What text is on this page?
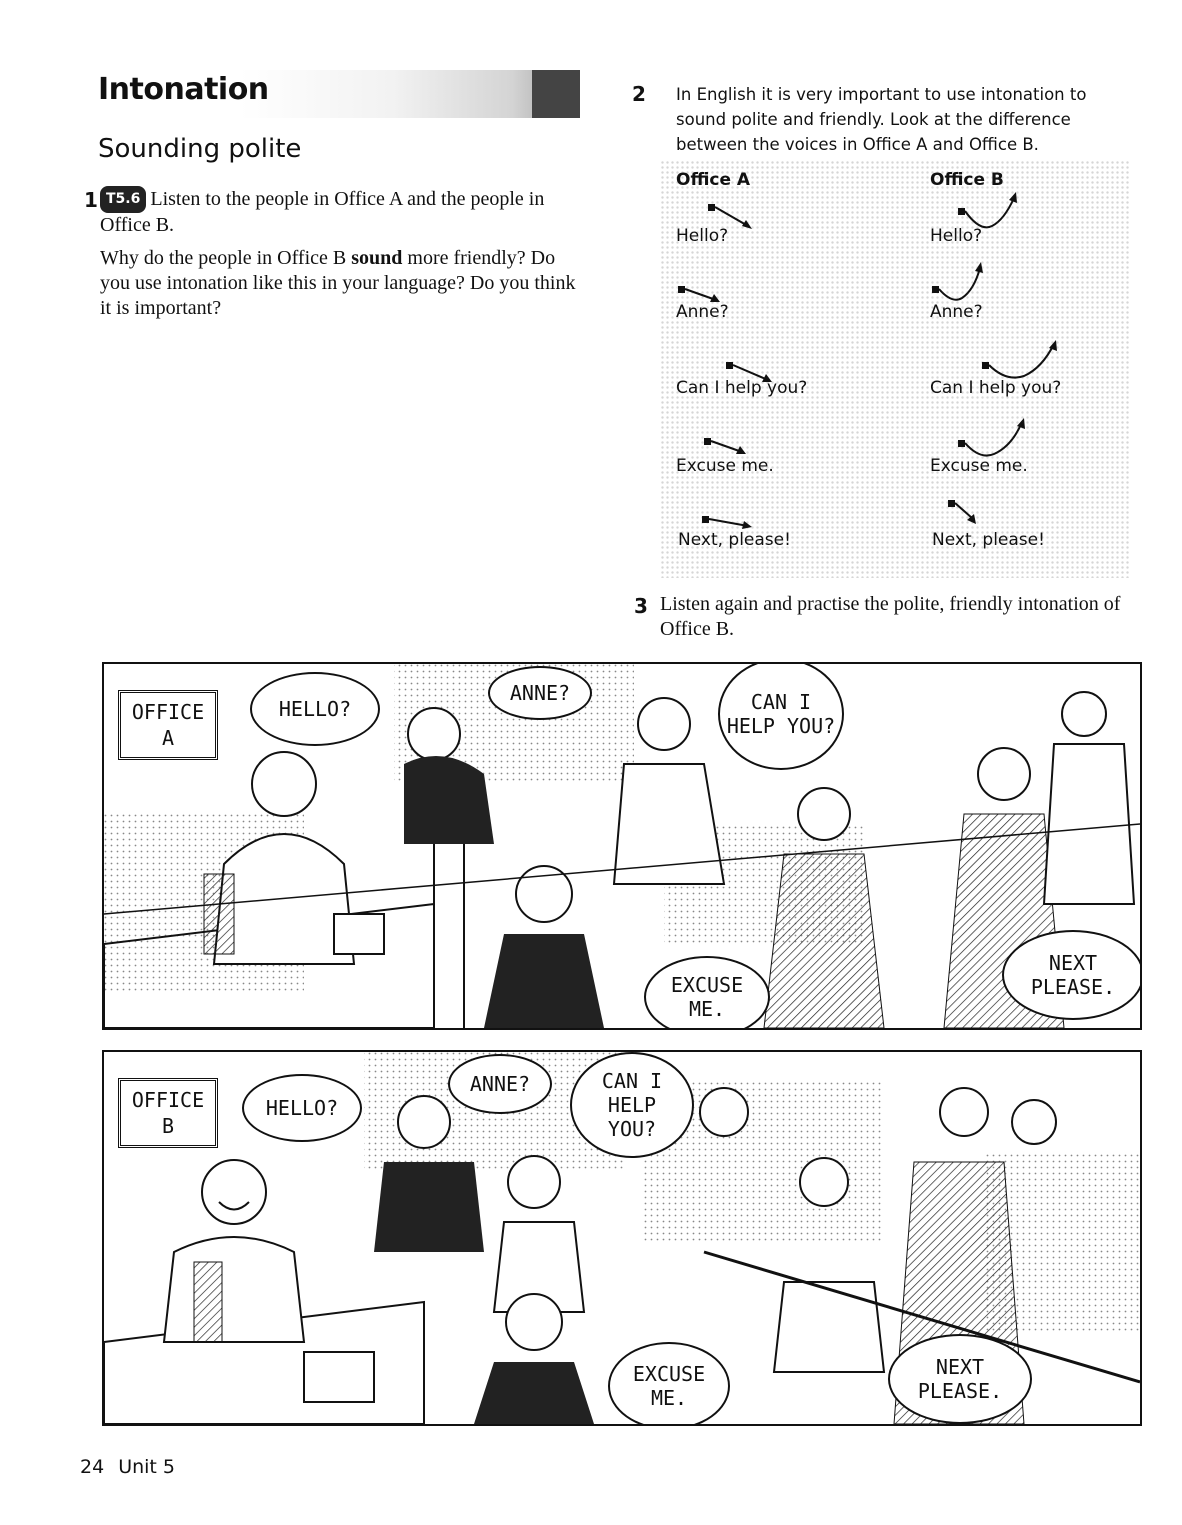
Intonation
Sounding polite
1 T5.6 Listen to the people in Office A and the people in Office B.

Why do the people in Office B sound more friendly? Do you use intonation like this in your language? Do you think it is important?

2 In English it is very important to use intonation to sound polite and friendly. Look at the difference between the voices in Office A and Office B.
Office A	Office B
Hello?	Hello?
Anne?	Anne?
Can I help you?	Can I help you?
Excuse me.	Excuse me.
Next, please!	Next, please!
3 Listen again and practise the polite, friendly intonation of Office B.
OFFICE
A
HELLO?
ANNE?	CAN I HELP YOU?
EXCUSE ME.
NEXT PLEASE.
OFFICE
B
HELLO?
ANNE?	CAN I HELP YOU?
EXCUSE ME.
NEXT PLEASE.
24 Unit 5
